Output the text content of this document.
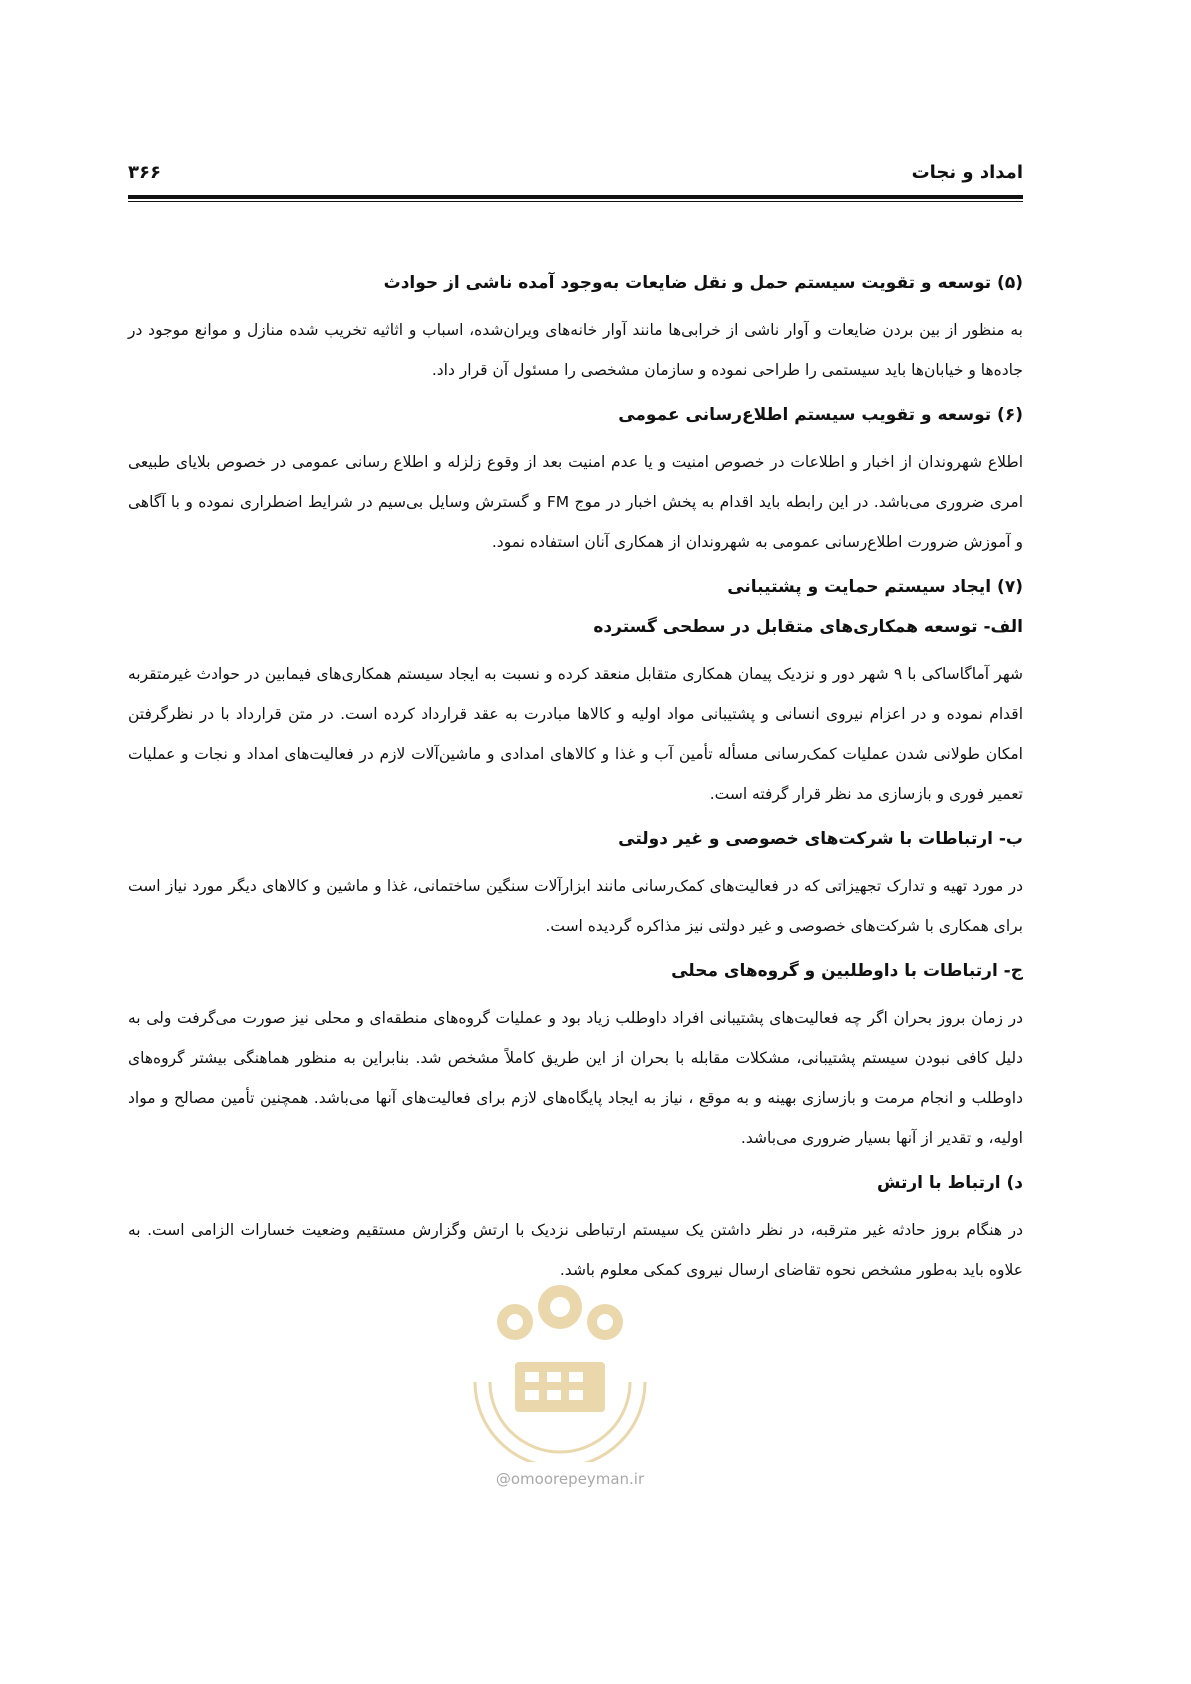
امداد و نجات
۳۶۶
(۵) توسعه و تقویت سیستم حمل و نقل ضایعات به‌وجود آمده ناشی از حوادث

به منظور از بین بردن ضایعات و آوار ناشی از خرابی‌ها مانند آوار خانه‌های ویران‌شده، اسباب و اثاثیه تخریب شده منازل و موانع موجود در جاده‌ها و خیابان‌ها باید سیستمی را طراحی نموده و سازمان مشخصی را مسئول آن قرار داد.

(۶) توسعه و تقویب سیستم اطلاع‌رسانی عمومی

اطلاع شهروندان از اخبار و اطلاعات در خصوص امنیت و یا عدم امنیت بعد از وقوع زلزله و اطلاع رسانی عمومی در خصوص بلایای طبیعی امری ضروری می‌باشد. در این رابطه باید اقدام به پخش اخبار در موج FM و گسترش وسایل بی‌سیم در شرایط اضطراری نموده و با آگاهی و آموزش ضرورت اطلاع‌رسانی عمومی به شهروندان از همکاری آنان استفاده نمود.

(۷) ایجاد سیستم حمایت و پشتیبانی
الف- توسعه همکاری‌های متقابل در سطحی گسترده

شهر آماگاساکی با ۹ شهر دور و نزدیک پیمان همکاری متقابل منعقد کرده و نسبت به ایجاد سیستم همکاری‌های فیمابین در حوادث غیرمتقربه اقدام نموده و در اعزام نیروی انسانی و پشتیبانی مواد اولیه و کالاها مبادرت به عقد قرارداد کرده است. در متن قرارداد با در نظرگرفتن امکان طولانی شدن عملیات کمک‌رسانی مسأله تأمین آب و غذا و کالاهای امدادی و ماشین‌آلات لازم در فعالیت‌های امداد و نجات و عملیات تعمیر فوری و بازسازی مد نظر قرار گرفته است.

ب- ارتباطات با شرکت‌های خصوصی و غیر دولتی

در مورد تهیه و تدارک تجهیزاتی که در فعالیت‌های کمک‌رسانی مانند ابزارآلات سنگین ساختمانی، غذا و ماشین و کالاهای دیگر مورد نیاز است برای همکاری با شرکت‌های خصوصی و غیر دولتی نیز مذاکره گردیده است.

ج- ارتباطات با داوطلبین و گروه‌های محلی

در زمان بروز بحران اگر چه فعالیت‌های پشتیبانی افراد داوطلب زیاد بود و عملیات گروه‌های منطقه‌ای و محلی نیز صورت می‌گرفت ولی به دلیل کافی نبودن سیستم پشتیبانی، مشکلات مقابله با بحران از این طریق کاملاً مشخص شد. بنابراین به منظور هماهنگی بیشتر گروه‌های داوطلب و انجام مرمت و بازسازی بهینه و به موقع ، نیاز به ایجاد پایگاه‌های لازم برای فعالیت‌های آنها می‌باشد. همچنین تأمین مصالح و مواد اولیه، و تقدیر از آنها بسیار ضروری می‌باشد.

د) ارتباط با ارتش

در هنگام بروز حادثه غیر مترقبه، در نظر داشتن یک سیستم ارتباطی نزدیک با ارتش وگزارش مستقیم وضعیت خسارات الزامی است. به علاوه باید به‌طور مشخص نحوه تقاضای ارسال نیروی کمکی معلوم باشد.

@omoorepeyman.ir
